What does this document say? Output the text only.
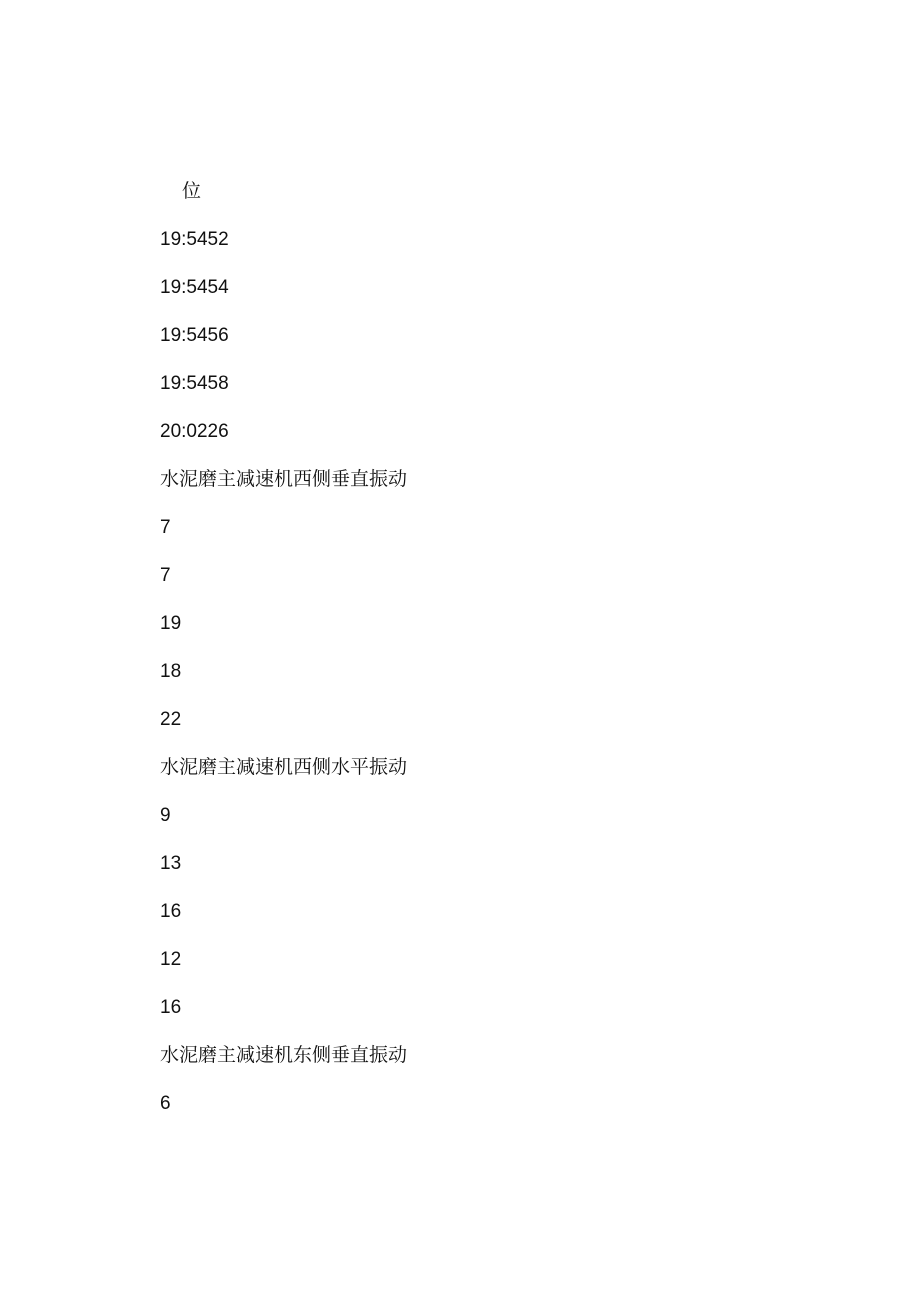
位
19:5452
19:5454
19:5456
19:5458
20:0226
水泥磨主减速机西侧垂直振动
7
7
19
18
22
水泥磨主减速机西侧水平振动
9
13
16
12
16
水泥磨主减速机东侧垂直振动
6
